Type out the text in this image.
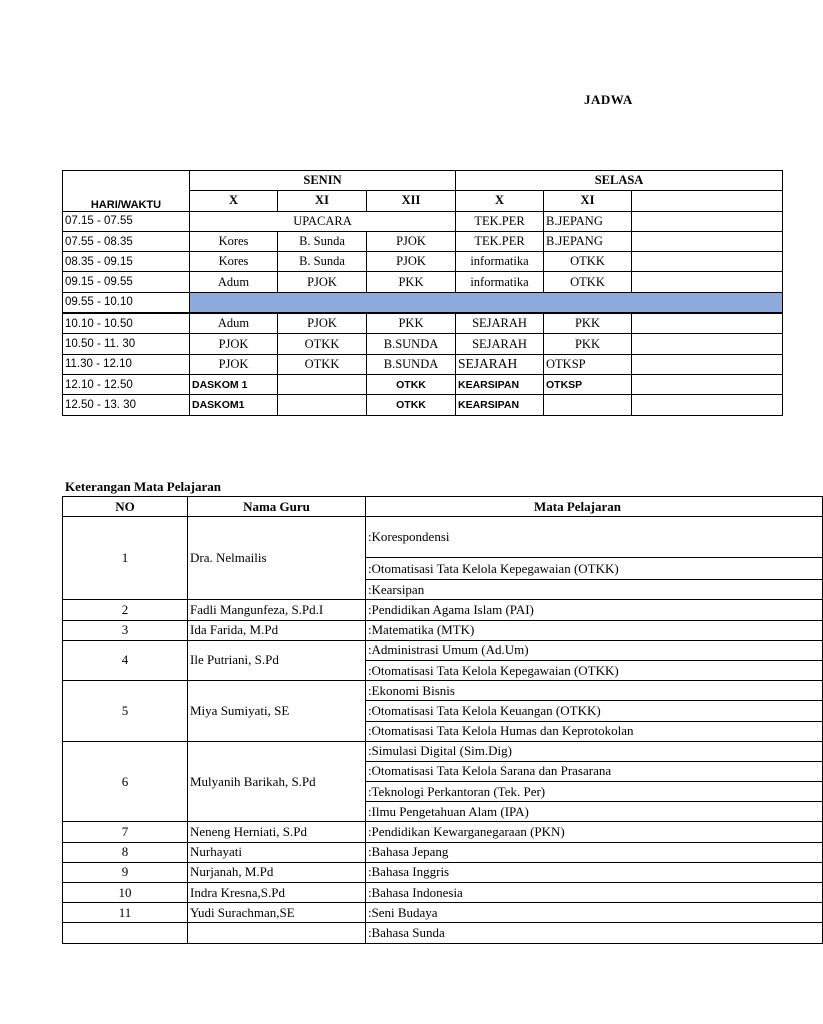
JADWA
HARI/WAKTU	SENIN			SELASA		
	X	XI	XII	X	XI	
07.15 - 07.55	UPACARA			TEK.PER	B.JEPANG	
07.55 - 08.35	Kores	B. Sunda	PJOK	TEK.PER	B.JEPANG	
08.35 - 09.15	Kores	B. Sunda	PJOK	informatika	OTKK	
09.15 - 09.55	Adum	PJOK	PKK	informatika	OTKK	
09.55 - 10.10						
10.10 - 10.50	Adum	PJOK	PKK	SEJARAH	PKK	
10.50 - 11. 30	PJOK	OTKK	B.SUNDA	SEJARAH	PKK	
11.30 - 12.10	PJOK	OTKK	B.SUNDA	SEJARAH	OTKSP	
12.10 - 12.50	DASKOM 1		OTKK	KEARSIPAN	OTKSP	
12.50 - 13. 30	DASKOM1		OTKK	KEARSIPAN		
Keterangan Mata Pelajaran
NO	Nama Guru	Mata Pelajaran	
1	Dra. Nelmailis	:	Korespondensi
		:	Otomatisasi Tata Kelola Kepegawaian (OTKK)
		:	Kearsipan
2	Fadli Mangunfeza, S.Pd.I	:	Pendidikan Agama Islam (PAI)
3	Ida Farida, M.Pd	:	Matematika (MTK)
4	Ile Putriani, S.Pd	:	Administrasi Umum (Ad.Um)
		:	Otomatisasi Tata Kelola Kepegawaian (OTKK)
5	Miya Sumiyati, SE	:	Ekonomi Bisnis
		:	Otomatisasi Tata Kelola Keuangan (OTKK)
		:	Otomatisasi Tata Kelola Humas dan Keprotokolan
6	Mulyanih Barikah, S.Pd	:	Simulasi Digital (Sim.Dig)
		:	Otomatisasi Tata Kelola Sarana dan Prasarana
		:	Teknologi Perkantoran (Tek. Per)
		:	Ilmu Pengetahuan Alam (IPA)
7	Neneng Herniati, S.Pd	:	Pendidikan Kewarganegaraan (PKN)
8	Nurhayati	:	Bahasa Jepang
9	Nurjanah, M.Pd	:	Bahasa Inggris
10	Indra Kresna,S.Pd	:	Bahasa Indonesia
11	Yudi Surachman,SE	:	Seni Budaya
		:	Bahasa Sunda
